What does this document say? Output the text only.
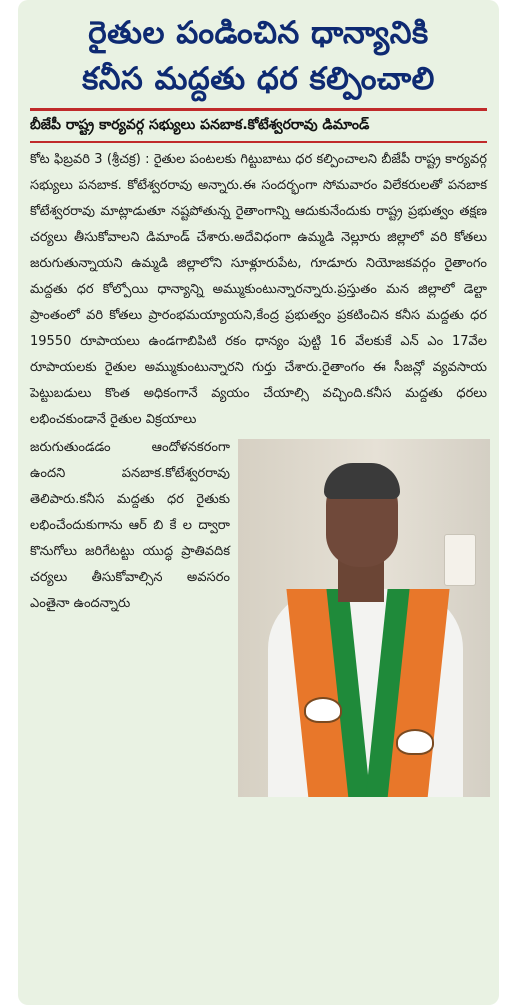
రైతుల పండించిన ధాన్యానికి
కనీస మద్దతు ధర కల్పించాలి
బీజేపీ రాష్ట్ర కార్యవర్గ సభ్యులు పనబాక.కోటేశ్వరరావు డిమాండ్
కోట ఫిబ్రవరి 3 (శ్రీచక్ర) : రైతుల పంటలకు గిట్టుబాటు ధర కల్పించాలని బీజేపీ రాష్ట్ర కార్యవర్గ సభ్యులు పనబాక. కోటేశ్వరరావు అన్నారు.ఈ సందర్భంగా సోమవారం విలేకరులతో పనబాక కోటేశ్వరరావు మాట్లాడుతూ నష్టపోతున్న రైతాంగాన్ని ఆదుకునేందుకు రాష్ట్ర ప్రభుత్వం తక్షణ చర్యలు తీసుకోవాలని డిమాండ్ చేశారు.అదేవిధంగా ఉమ్మడి నెల్లూరు జిల్లాలో వరి కోతలు జరుగుతున్నాయని ఉమ్మడి జిల్లాలోని సూళ్లూరుపేట, గూడూరు నియోజకవర్గం రైతాంగం మద్దతు ధర కోల్పోయి ధాన్యాన్ని అమ్ముకుంటున్నారన్నారు.ప్రస్తుతం మన జిల్లాలో డెల్టా ప్రాంతంలో వరి కోతలు ప్రారంభమయ్యాయని,కేంద్ర ప్రభుత్వం ప్రకటించిన కనీస మద్దతు ధర 19550 రూపాయలు ఉండగాబిపిటి రకం ధాన్యం పుట్టి 16 వేలకుకే ఎన్ ఎం 17వేల రూపాయలకు రైతుల అమ్ముకుంటున్నారని గుర్తు చేశారు.రైతాంగం ఈ సీజన్లో వ్యవసాయ పెట్టుబడులు కొంత అధికంగానే వ్యయం చేయాల్సి వచ్చింది.కనీస మద్దతు ధరలు లభించకుండానే రైతుల విక్రయాలు
జరుగుతుండడం ఆందోళనకరంగా ఉందని పనబాక.కోటేశ్వరరావు తెలిపారు.కనీస మద్దతు ధర రైతుకు లభించేందుకుగాను ఆర్ బి కే ల ద్వారా కొనుగోలు జరిగేటట్టు యుద్ధ ప్రాతివదిక చర్యలు తీసుకోవాల్సిన అవసరం ఎంతైనా ఉందన్నారు
